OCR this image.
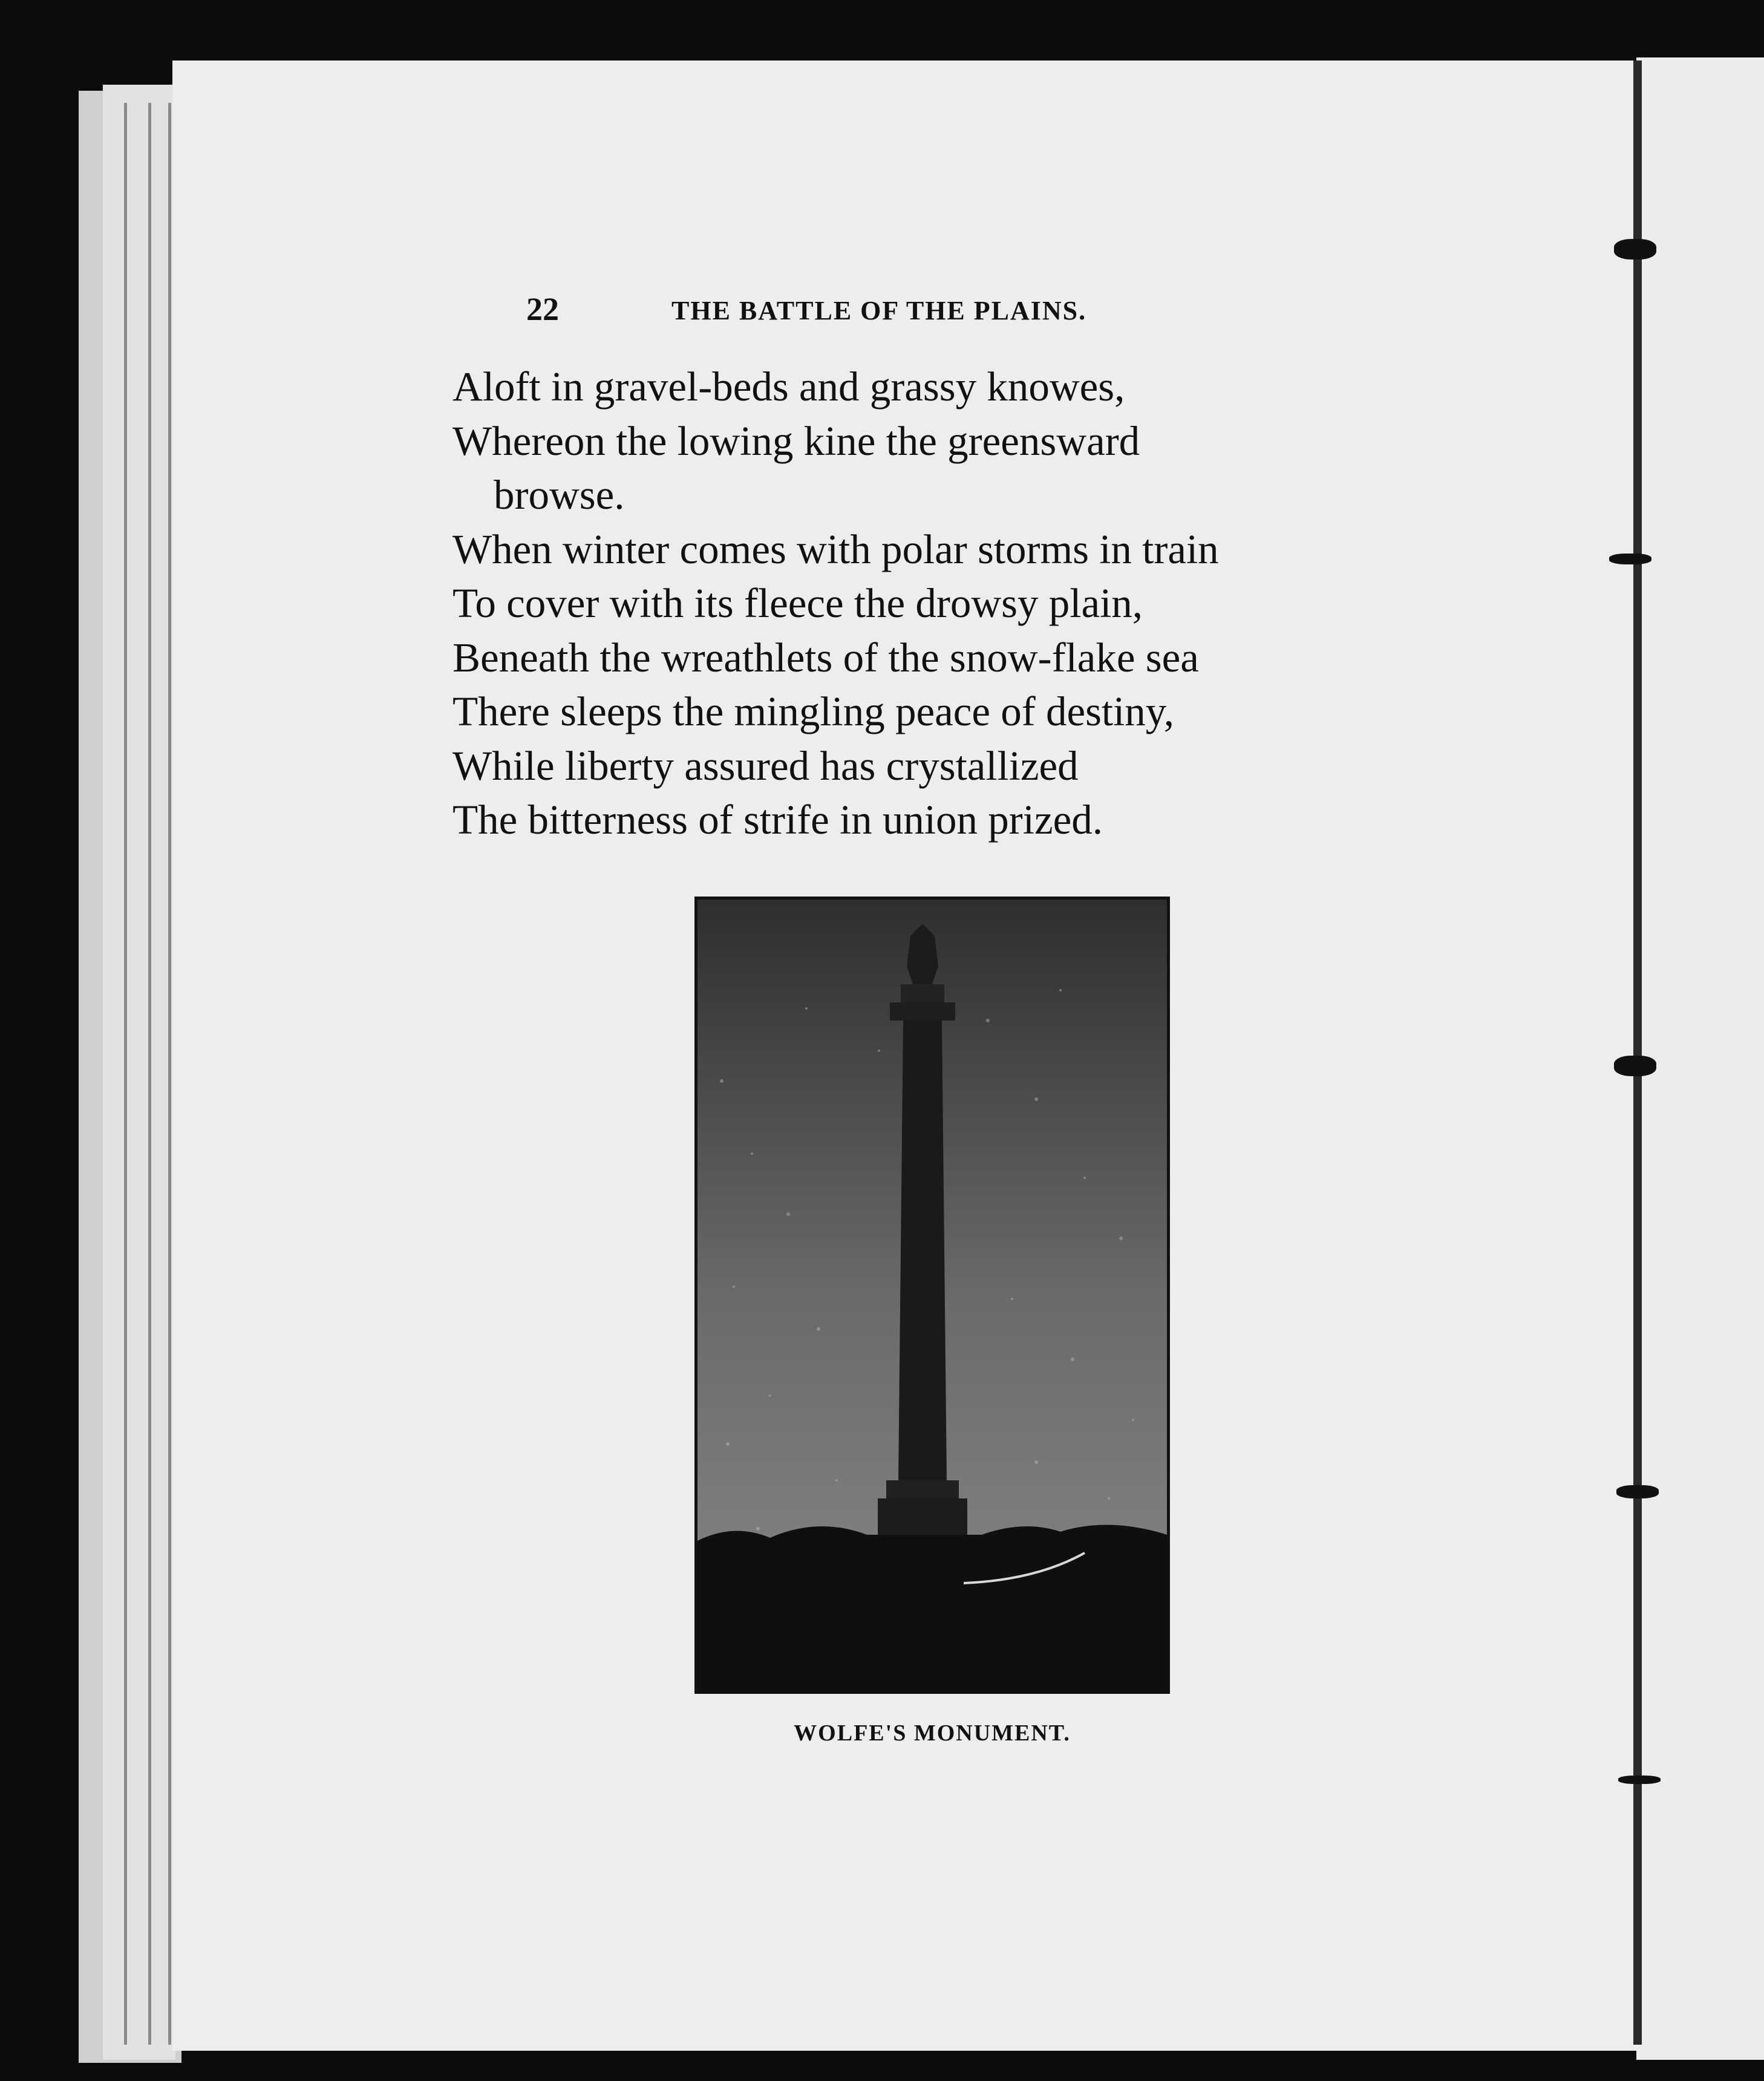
22	THE BATTLE OF THE PLAINS.
Aloft in gravel-beds and grassy knowes,
Whereon the lowing kine the greensward
browse.
When winter comes with polar storms in train
To cover with its fleece the drowsy plain,
Beneath the wreathlets of the snow-flake sea
There sleeps the mingling peace of destiny,
While liberty assured has crystallized
The bitterness of strife in union prized.
WOLFE'S MONUMENT.
